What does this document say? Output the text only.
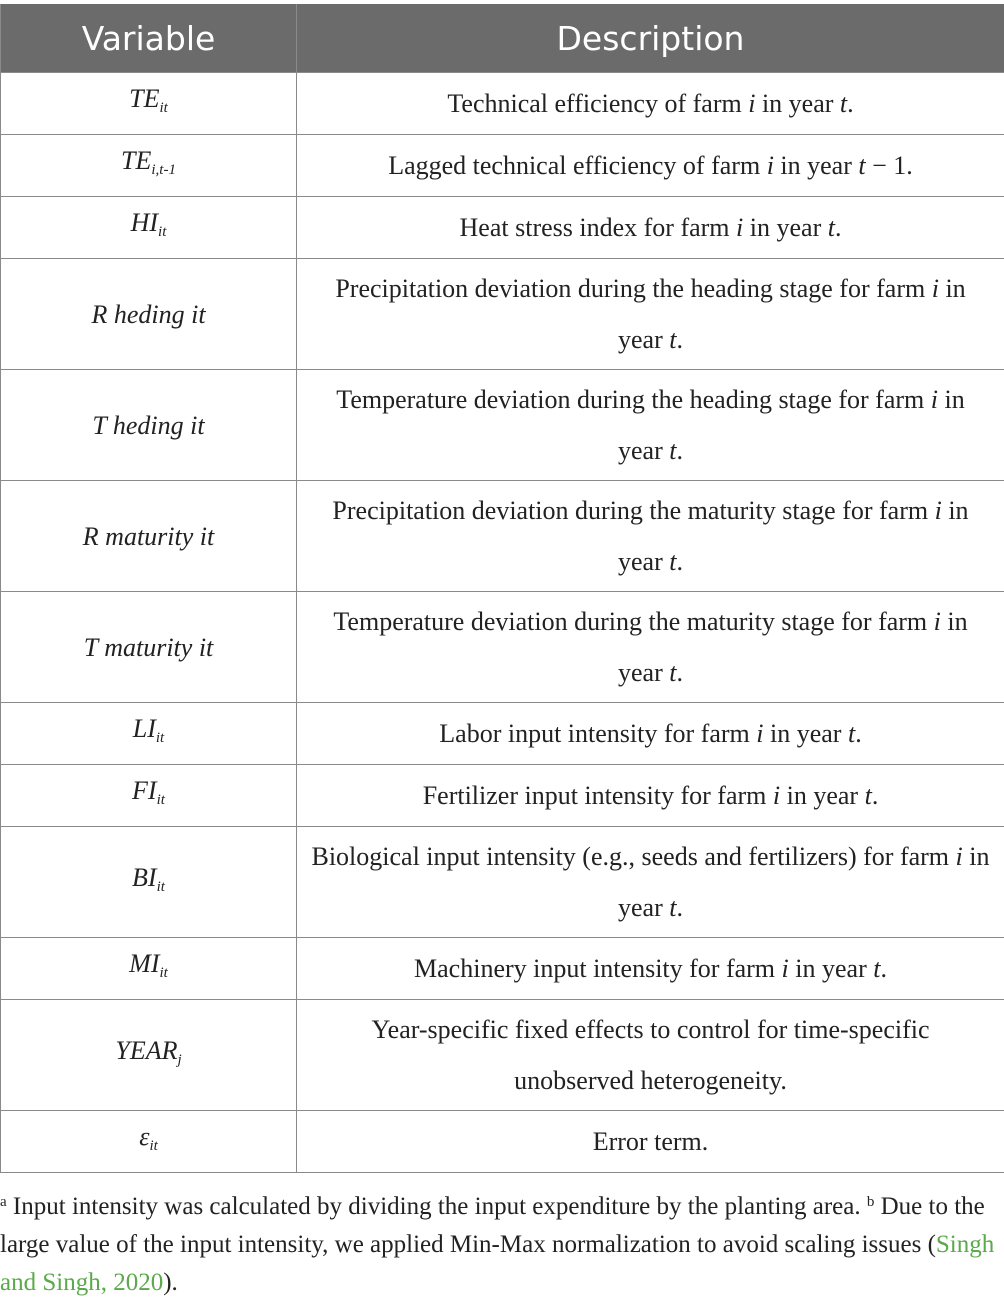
Variable	Description
$TE_{it}$	Technical efficiency of farm i in year t.
$TE_{i,t-1}$	Lagged technical efficiency of farm i in year t − 1.
$HI_{it}$	Heat stress index for farm i in year t.
R heding it	Precipitation deviation during the heading stage for farm i in year t.
T heding it	Temperature deviation during the heading stage for farm i in year t.
R maturity it	Precipitation deviation during the maturity stage for farm i in year t.
T maturity it	Temperature deviation during the maturity stage for farm i in year t.
$LI_{it}$	Labor input intensity for farm i in year t.
$FI_{it}$	Fertilizer input intensity for farm i in year t.
$BI_{it}$	Biological input intensity (e.g., seeds and fertilizers) for farm i in year t.
$MI_{it}$	Machinery input intensity for farm i in year t.
$YEAR_j$	Year-specific fixed effects to control for time-specific unobserved heterogeneity.
$\varepsilon_{it}$	Error term.
$^a$ Input intensity was calculated by dividing the input expenditure by the planting area. $^b$ Due to the large value of the input intensity, we applied Min-Max normalization to avoid scaling issues (Singh and Singh, 2020).
